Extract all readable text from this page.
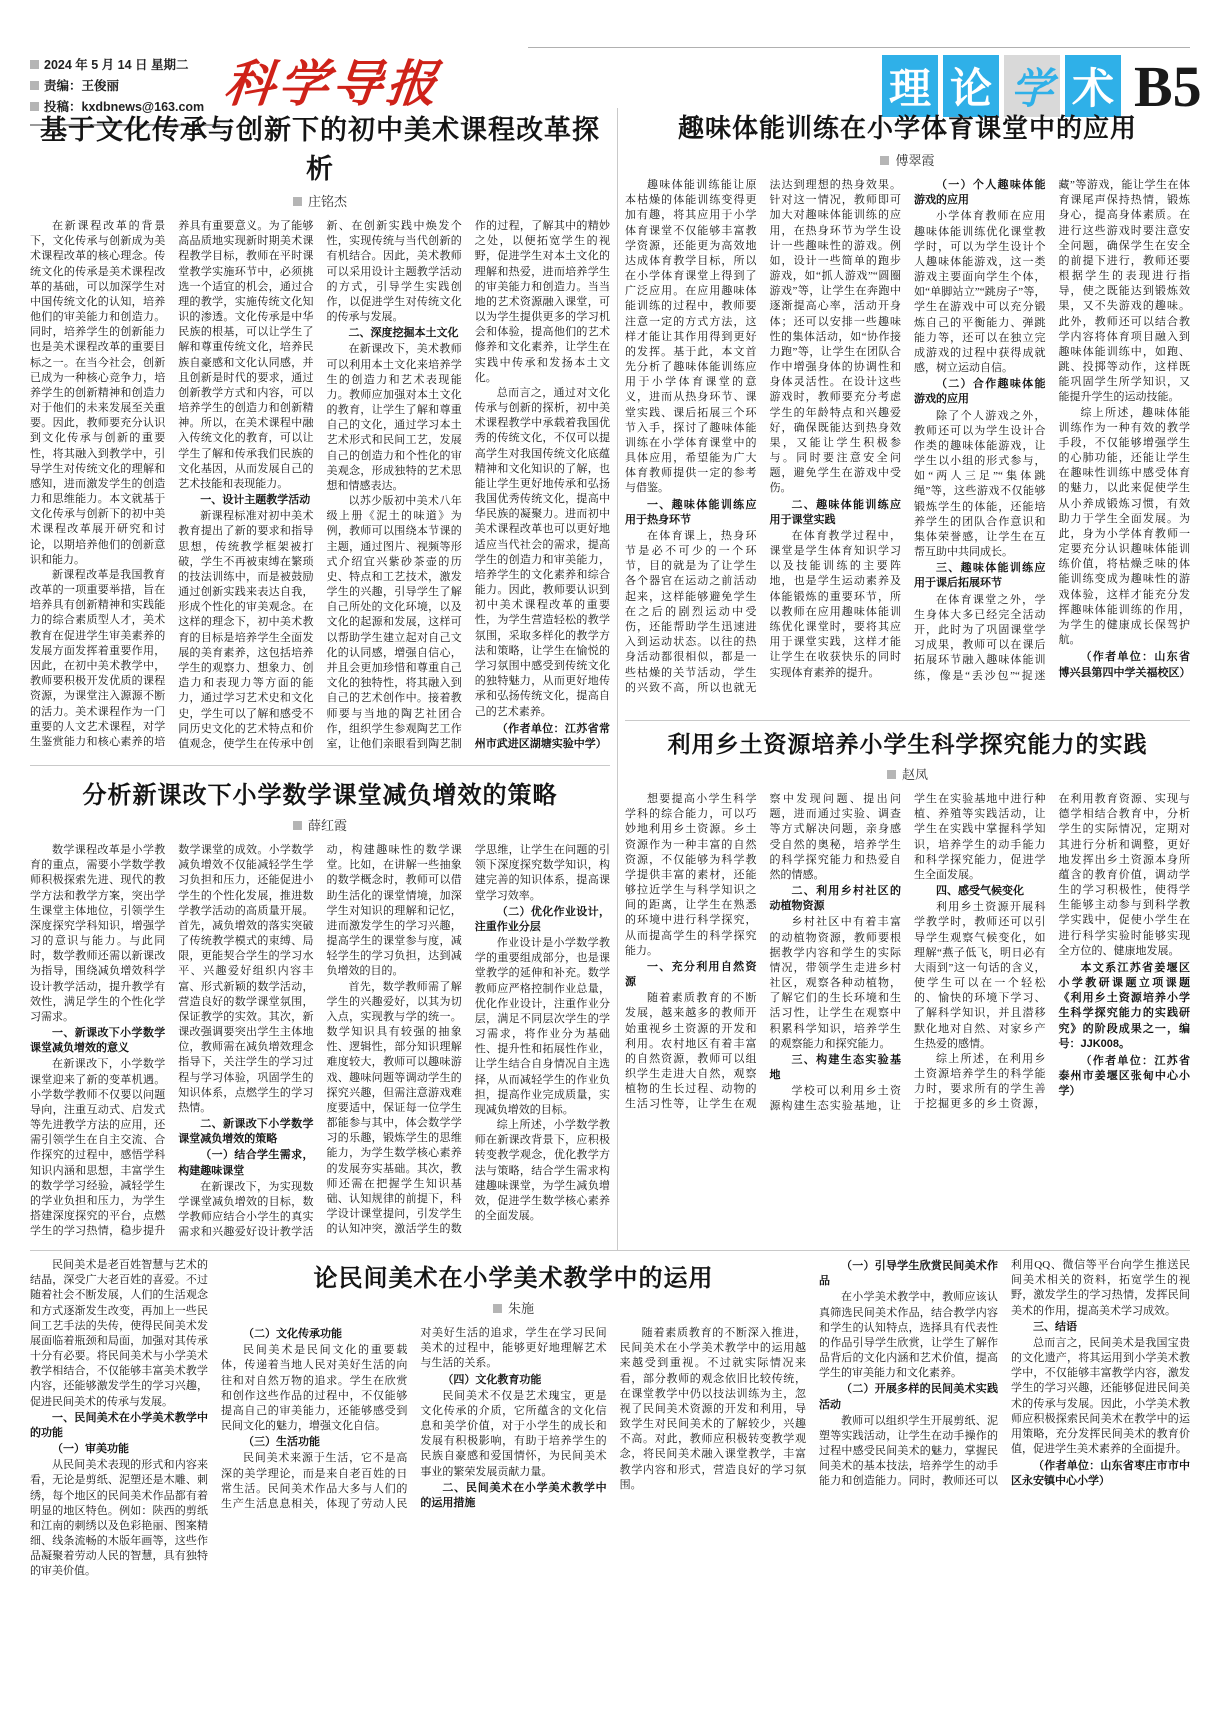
2024 年 5 月 14 日 星期二
责编：王俊丽
投稿：kxdbnews@163.com 科学导报	理 论 学 术 B5
基于文化传承与创新下的初中美术课程改革探析
庄铭杰

在新课程改革的背景下，文化传承与创新成为美术课程改革的核心理念。传统文化的传承是美术课程改革的基础，可以加深学生对中国传统文化的认知，培养他们的审美能力和创造力。同时，培养学生的创新能力也是美术课程改革的重要目标之一。在当今社会，创新已成为一种核心竞争力，培养学生的创新精神和创造力对于他们的未来发展至关重要。因此，教师要充分认识到文化传承与创新的重要性，将其融入到教学中，引导学生对传统文化的理解和感知，进而激发学生的创造力和思维能力。本文就基于文化传承与创新下的初中美术课程改革展开研究和讨论，以期培养他们的创新意识和能力。

新课程改革是我国教育改革的一项重要举措，旨在培养具有创新精神和实践能力的综合素质型人才，美术教育在促进学生审美素养的发展方面发挥着重要作用，因此，在初中美术教学中，教师要积极开发优质的课程资源，为课堂注入源源不断的活力。美术课程作为一门重要的人文艺术课程，对学生鉴赏能力和核心素养的培养具有重要意义。为了能够高品质地实现新时期美术课程教学目标，教师在平时课堂教学实施环节中，必须挑选一个适宜的机会，通过合理的教学，实施传统文化知识的渗透。文化传承是中华民族的根基，可以让学生了解和尊重传统文化，培养民族自豪感和文化认同感，并且创新是时代的要求，通过创新教学方式和内容，可以培养学生的创造力和创新精神。所以，在美术课程中融入传统文化的教育，可以让学生了解和传承我们民族的文化基因，从而发展自己的艺术技能和表现能力。

一、设计主题教学活动

新课程标准对初中美术教育提出了新的要求和指导思想，传统教学框架被打破，学生不再被束缚在繁琐的技法训练中，而是被鼓励通过创新实践来表达自我，形成个性化的审美观念。在这样的理念下，初中美术教育的目标是培养学生全面发展的美育素养，这包括培养学生的观察力、想象力、创造力和表现力等方面的能力，通过学习艺术史和文化史，学生可以了解和感受不同历史文化的艺术特点和价值观念，使学生在传承中创新、在创新实践中焕发个性，实现传统与当代创新的有机结合。因此，美术教师可以采用设计主题教学活动的方式，引导学生实践创作，以促进学生对传统文化的传承与发展。

二、深度挖掘本土文化

在新课改下，美术教师可以利用本土文化来培养学生的创造力和艺术表现能力。教师应加强对本土文化的教育，让学生了解和尊重自己的文化，通过学习本土艺术形式和民间工艺，发展自己的创造力和个性化的审美观念，形成独特的艺术思想和情感表达。

以苏少版初中美术八年级上册《泥土的味道》为例，教师可以围绕本节课的主题，通过图片、视频等形式介绍宜兴紫砂茶壶的历史、特点和工艺技术，激发学生的兴趣，引导学生了解自己所处的文化环境，以及文化的起源和发展，这样可以帮助学生建立起对自己文化的认同感，增强自信心，并且会更加珍惜和尊重自己文化的独特性，将其融入到自己的艺术创作中。接着教师要与当地的陶艺社团合作，组织学生参观陶艺工作室，让他们亲眼看到陶艺制作的过程，了解其中的精妙之处，以便拓宽学生的视野，促进学生对本土文化的理解和热爱，进而培养学生的审美能力和创造力。当当地的艺术资源融入课堂，可以为学生提供更多的学习机会和体验，提高他们的艺术修养和文化素养，让学生在实践中传承和发扬本土文化。

总而言之，通过对文化传承与创新的探析，初中美术课程教学中承载着我国优秀的传统文化，不仅可以提高学生对我国传统文化底蕴精神和文化知识的了解，也能让学生更好地传承和弘扬我国优秀传统文化，提高中华民族的凝聚力。进而初中美术课程改革也可以更好地适应当代社会的需求，提高学生的创造力和审美能力，培养学生的文化素养和综合能力。因此，教师要认识到初中美术课程改革的重要性，为学生营造轻松的教学氛围，采取多样化的教学方法和策略，让学生在愉悦的学习氛围中感受到传统文化的独特魅力，从而更好地传承和弘扬传统文化，提高自己的艺术素养。

（作者单位：江苏省常州市武进区湖塘实验中学）

趣味体能训练在小学体育课堂中的应用
傅翠霞

趣味体能训练能让原本枯燥的体能训练变得更加有趣，将其应用于小学体育课堂不仅能够丰富教学资源，还能更为高效地达成体育教学目标，所以在小学体育课堂上得到了广泛应用。在应用趣味体能训练的过程中，教师要注意一定的方式方法，这样才能让其作用得到更好的发挥。基于此，本文首先分析了趣味体能训练应用于小学体育课堂的意义，进而从热身环节、课堂实践、课后拓展三个环节入手，探讨了趣味体能训练在小学体育课堂中的具体应用，希望能为广大体育教师提供一定的参考与借鉴。

一、趣味体能训练应用于热身环节

在体育课上，热身环节是必不可少的一个环节，目的就是为了让学生各个器官在运动之前活动起来，这样能够避免学生在之后的剧烈运动中受伤，还能帮助学生迅速进入到运动状态。以往的热身活动都很相似，都是一些枯燥的关节活动，学生的兴致不高，所以也就无法达到理想的热身效果。针对这一情况，教师即可加大对趣味体能训练的应用，在热身环节为学生设计一些趣味性的游戏。例如，设计一些简单的跑步游戏，如“抓人游戏”“圆圈游戏”等，让学生在奔跑中逐渐提高心率，活动开身体；还可以安排一些趣味性的集体活动，如“协作接力跑”等，让学生在团队合作中增强身体的协调性和身体灵活性。在设计这些游戏时，教师要充分考虑学生的年龄特点和兴趣爱好，确保既能达到热身效果，又能让学生积极参与。同时要注意安全问题，避免学生在游戏中受伤。

二、趣味体能训练应用于课堂实践

在体育教学过程中，课堂是学生体育知识学习以及技能训练的主要阵地，也是学生运动素养及体能锻炼的重要环节，所以教师在应用趣味体能训练优化课堂时，要将其应用于课堂实践，这样才能让学生在收获快乐的同时实现体育素养的提升。

（一）个人趣味体能游戏的应用

小学体育教师在应用趣味体能训练优化课堂教学时，可以为学生设计个人趣味体能游戏，这一类游戏主要面向学生个体，如“单脚站立”“跳房子”等，学生在游戏中可以充分锻炼自己的平衡能力、弹跳能力等，还可以在独立完成游戏的过程中获得成就感，树立运动自信。

（二）合作趣味体能游戏的应用

除了个人游戏之外，教师还可以为学生设计合作类的趣味体能游戏，让学生以小组的形式参与，如“两人三足”“集体跳绳”等，这些游戏不仅能够锻炼学生的体能，还能培养学生的团队合作意识和集体荣誉感，让学生在互帮互助中共同成长。

三、趣味体能训练应用于课后拓展环节

在体育课堂之外，学生身体大多已经完全活动开，此时为了巩固课堂学习成果，教师可以在课后拓展环节融入趣味体能训练，像是“丢沙包”“捉迷藏”等游戏，能让学生在体育课尾声保持热情，锻炼身心，提高身体素质。在进行这些游戏时要注意安全问题，确保学生在安全的前提下进行，教师还要根据学生的表现进行指导，使之既能达到锻炼效果，又不失游戏的趣味。此外，教师还可以结合教学内容将体育项目融入到趣味体能训练中，如跑、跳、投掷等动作，这样既能巩固学生所学知识，又能提升学生的运动技能。

综上所述，趣味体能训练作为一种有效的教学手段，不仅能够增强学生的心肺功能，还能让学生在趣味性训练中感受体育的魅力，以此来促使学生从小养成锻炼习惯，有效助力于学生全面发展。为此，身为小学体育教师一定要充分认识趣味体能训练价值，将枯燥乏味的体能训练变成为趣味性的游戏体验，这样才能充分发挥趣味体能训练的作用，为学生的健康成长保驾护航。

（作者单位：山东省博兴县第四中学关福校区）

分析新课改下小学数学课堂减负增效的策略
薛红霞

数学课程改革是小学教育的重点，需要小学数学教师积极探索先进、现代的教学方法和教学方案，突出学生课堂主体地位，引领学生深度探究学科知识，增强学习的意识与能力。与此同时，数学教师还需以新课改为指导，围绕减负增效科学设计教学活动，提升教学有效性，满足学生的个性化学习需求。

一、新课改下小学数学课堂减负增效的意义

在新课改下，小学数学课堂迎来了新的变革机遇。小学数学教师不仅要以问题导向，注重互动式、启发式等先进教学方法的应用，还需引领学生在自主交流、合作探究的过程中，感悟学科知识内涵和思想，丰富学生的数学学习经验，减轻学生的学业负担和压力，为学生搭建深度探究的平台，点燃学生的学习热情，稳步提升数学课堂的成效。小学数学减负增效不仅能减轻学生学习负担和压力，还能促进小学生的个性化发展，推进数学教学活动的高质量开展。首先，减负增效的落实突破了传统教学模式的束缚、局限，更能契合学生的学习水平、兴趣爱好组织内容丰富、形式新颖的数学活动，营造良好的数学课堂氛围，保证教学的实效。其次，新课改强调要突出学生主体地位，教师需在减负增效理念指导下，关注学生的学习过程与学习体验，巩固学生的知识体系，点燃学生的学习热情。

二、新课改下小学数学课堂减负增效的策略
（一）结合学生需求，构建趣味课堂

在新课改下，为实现数学课堂减负增效的目标，数学教师应结合小学生的真实需求和兴趣爱好设计教学活动，构建趣味性的数学课堂。比如，在讲解一些抽象的数学概念时，教师可以借助生活化的课堂情境，加深学生对知识的理解和记忆，进而激发学生的学习兴趣，提高学生的课堂参与度，减轻学生的学习负担，达到减负增效的目的。

首先，数学教师需了解学生的兴趣爱好，以其为切入点，实现教与学的统一。数学知识具有较强的抽象性、逻辑性，部分知识理解难度较大，教师可以趣味游戏、趣味问题等调动学生的探究兴趣，但需注意游戏难度要适中，保证每一位学生都能参与其中，体会数学学习的乐趣，锻炼学生的思维能力，为学生数学核心素养的发展夯实基础。其次，教师还需在把握学生知识基础、认知规律的前提下，科学设计课堂提问，引发学生的认知冲突，激活学生的数学思维，让学生在问题的引领下深度探究数学知识，构建完善的知识体系，提高课堂学习效率。

（二）优化作业设计，注重作业分层

作业设计是小学数学教学的重要组成部分，也是课堂教学的延伸和补充。数学教师应严格控制作业总量，优化作业设计，注重作业分层，满足不同层次学生的学习需求，将作业分为基础性、提升性和拓展性作业，让学生结合自身情况自主选择，从而减轻学生的作业负担，提高作业完成质量，实现减负增效的目标。

综上所述，小学数学教师在新课改背景下，应积极转变教学观念，优化教学方法与策略，结合学生需求构建趣味课堂，为学生减负增效，促进学生数学核心素养的全面发展。

利用乡土资源培养小学生科学探究能力的实践
赵凤

想要提高小学生科学学科的综合能力，可以巧妙地利用乡土资源。乡土资源作为一种丰富的自然资源，不仅能够为科学教学提供丰富的素材，还能够拉近学生与科学知识之间的距离，让学生在熟悉的环境中进行科学探究，从而提高学生的科学探究能力。

一、充分利用自然资源

随着素质教育的不断发展，越来越多的教师开始重视乡土资源的开发和利用。农村地区有着丰富的自然资源，教师可以组织学生走进大自然，观察植物的生长过程、动物的生活习性等，让学生在观察中发现问题、提出问题，进而通过实验、调查等方式解决问题，亲身感受自然的奥秘，培养学生的科学探究能力和热爱自然的情感。

二、利用乡村社区的动植物资源

乡村社区中有着丰富的动植物资源，教师要根据教学内容和学生的实际情况，带领学生走进乡村社区，观察各种动植物，了解它们的生长环境和生活习性，让学生在观察中积累科学知识，培养学生的观察能力和探究能力。

三、构建生态实验基地

学校可以利用乡土资源构建生态实验基地，让学生在实验基地中进行种植、养殖等实践活动，让学生在实践中掌握科学知识，培养学生的动手能力和科学探究能力，促进学生全面发展。

四、感受气候变化

利用乡土资源开展科学教学时，教师还可以引导学生观察气候变化，如理解“燕子低飞，明日必有大雨到”这一句话的含义，使学生可以在一个轻松的、愉快的环境下学习、了解科学知识，并且潜移默化地对自然、对家乡产生热爱的感情。

综上所述，在利用乡土资源培养学生的科学能力时，要求所有的学生善于挖掘更多的乡土资源，在利用教育资源、实现与德学相结合教育中，分析学生的实际情况，定期对其进行分析和调整，更好地发挥出乡土资源本身所蕴含的教育价值，调动学生的学习积极性，使得学生能够主动参与到科学教学实践中，促使小学生在进行科学实验时能够实现全方位的、健康地发展。

本文系江苏省姜堰区小学教研课题立项课题《利用乡土资源培养小学生科学探究能力的实践研究》的阶段成果之一，编号：JJK008。

（作者单位：江苏省泰州市姜堰区张甸中心小学）

民间美术是老百姓智慧与艺术的结晶，深受广大老百姓的喜爱。不过随着社会不断发展，人们的生活观念和方式逐渐发生改变，再加上一些民间工艺手法的失传，使得民间美术发展面临着瓶颈和局面，加强对其传承十分有必要。将民间美术与小学美术教学相结合，不仅能够丰富美术教学内容，还能够激发学生的学习兴趣，促进民间美术的传承与发展。

一、民间美术在小学美术教学中的功能
（一）审美功能

从民间美术表现的形式和内容来看，无论是剪纸、泥塑还是木雕、刺绣，每个地区的民间美术作品都有着明显的地区特色。例如：陕西的剪纸和江南的刺绣以及色彩艳丽、图案精细、线条流畅的木版年画等，这些作品凝聚着劳动人民的智慧，具有独特的审美价值。

论民间美术在小学美术教学中的运用
朱施
（二）文化传承功能

民间美术是民间文化的重要载体，传递着当地人民对美好生活的向往和对自然万物的追求。学生在欣赏和创作这些作品的过程中，不仅能够提高自己的审美能力，还能够感受到民间文化的魅力，增强文化自信。

（三）生活功能

民间美术来源于生活，它不是高深的美学理论，而是来自老百姓的日常生活。民间美术作品大多与人们的生产生活息息相关，体现了劳动人民对美好生活的追求，学生在学习民间美术的过程中，能够更好地理解艺术与生活的关系。

（四）文化教育功能

民间美术不仅是艺术瑰宝，更是文化传承的介质，它所蕴含的文化信息和美学价值，对于小学生的成长和发展有积极影响，有助于培养学生的民族自豪感和爱国情怀，为民间美术事业的繁荣发展贡献力量。

二、民间美术在小学美术教学中的运用措施

随着素质教育的不断深入推进，民间美术在小学美术教学中的运用越来越受到重视。不过就实际情况来看，部分教师的观念依旧比较传统，在课堂教学中仍以技法训练为主，忽视了民间美术资源的开发和利用，导致学生对民间美术的了解较少，兴趣不高。对此，教师应积极转变教学观念，将民间美术融入课堂教学，丰富教学内容和形式，营造良好的学习氛围。

（一）引导学生欣赏民间美术作品

在小学美术教学中，教师应该认真筛选民间美术作品，结合教学内容和学生的认知特点，选择具有代表性的作品引导学生欣赏，让学生了解作品背后的文化内涵和艺术价值，提高学生的审美能力和文化素养。

（二）开展多样的民间美术实践活动

教师可以组织学生开展剪纸、泥塑等实践活动，让学生在动手操作的过程中感受民间美术的魅力，掌握民间美术的基本技法，培养学生的动手能力和创造能力。同时，教师还可以利用QQ、微信等平台向学生推送民间美术相关的资料，拓宽学生的视野，激发学生的学习热情，发挥民间美术的作用，提高美术学习成效。

三、结语

总而言之，民间美术是我国宝贵的文化遗产，将其运用到小学美术教学中，不仅能够丰富教学内容，激发学生的学习兴趣，还能够促进民间美术的传承与发展。因此，小学美术教师应积极探索民间美术在教学中的运用策略，充分发挥民间美术的教育价值，促进学生美术素养的全面提升。

（作者单位：山东省枣庄市市中区永安镇中心小学）
